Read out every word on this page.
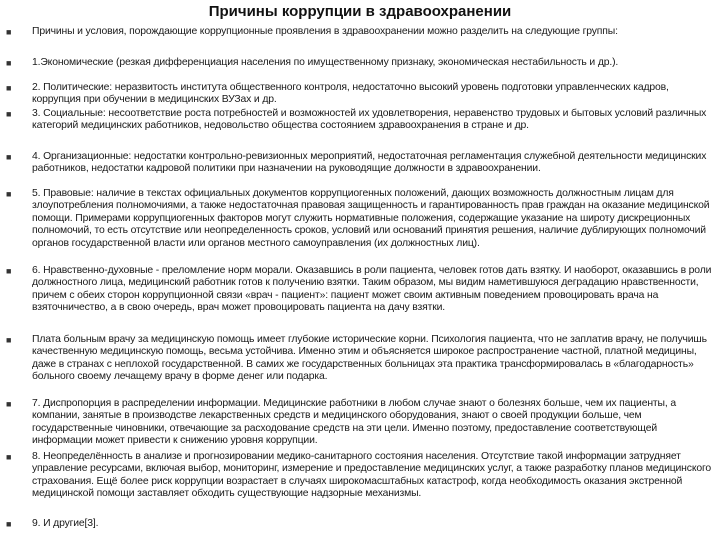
Причины коррупции в здравоохранении
■ Причины и условия, порождающие коррупционные проявления в здравоохранении можно разделить на следующие группы:
■ 1.Экономические (резкая дифференциация населения по имущественному признаку, экономическая нестабильность и др.).
■ 2. Политические: неразвитость института общественного контроля, недостаточно высокий уровень подготовки управленческих кадров, коррупция при обучении в медицинских ВУЗах и др.
■ 3. Социальные: несоответствие роста потребностей и возможностей их удовлетворения, неравенство трудовых и бытовых условий различных категорий медицинских работников, недовольство общества состоянием здравоохранения в стране и др.
■ 4. Организационные: недостатки контрольно-ревизионных мероприятий, недостаточная регламентация служебной деятельности медицинских работников, недостатки кадровой политики при назначении на руководящие должности в здравоохранении.
■ 5. Правовые: наличие в текстах официальных документов коррупциогенных положений, дающих возможность должностным лицам для злоупотребления полномочиями, а также недостаточная правовая защищенность и гарантированность прав граждан на оказание медицинской помощи. Примерами коррупциогенных факторов могут служить нормативные положения, содержащие указание на широту дискреционных полномочий, то есть отсутствие или неопределенность сроков, условий или оснований принятия решения, наличие дублирующих полномочий органов государственной власти или органов местного самоуправления (их должностных лиц).
■ 6. Нравственно-духовные - преломление норм морали. Оказавшись в роли пациента, человек готов дать взятку. И наоборот, оказавшись в роли должностного лица, медицинский работник готов к получению взятки. Таким образом, мы видим наметившуюся деградацию нравственности, причем с обеих сторон коррупционной связи «врач - пациент»: пациент может своим активным поведением провоцировать врача на взяточничество, а в свою очередь, врач может провоцировать пациента на дачу взятки.
■ Плата больным врачу за медицинскую помощь имеет глубокие исторические корни. Психология пациента, что не заплатив врачу, не получишь качественную медицинскую помощь, весьма устойчива. Именно этим и объясняется широкое распространение частной, платной медицины, даже в странах с неплохой государственной. В самих же государственных больницах эта практика трансформировалась в «благодарность» больного своему лечащему врачу в форме денег или подарка.
■ 7. Диспропорция в распределении информации. Медицинские работники в любом случае знают о болезнях больше, чем их пациенты, а компании, занятые в производстве лекарственных средств и медицинского оборудования, знают о своей продукции больше, чем государственные чиновники, отвечающие за расходование средств на эти цели. Именно поэтому, предоставление соответствующей информации может привести к снижению уровня коррупции.
■ 8. Неопределённость в анализе и прогнозировании медико-санитарного состояния населения. Отсутствие такой информации затрудняет управление ресурсами, включая выбор, мониторинг, измерение и предоставление медицинских услуг, а также разработку планов медицинского страхования. Ещё более риск коррупции возрастает в случаях широкомасштабных катастроф, когда необходимость оказания экстренной медицинской помощи заставляет обходить существующие надзорные механизмы.
■ 9. И другие[3].
